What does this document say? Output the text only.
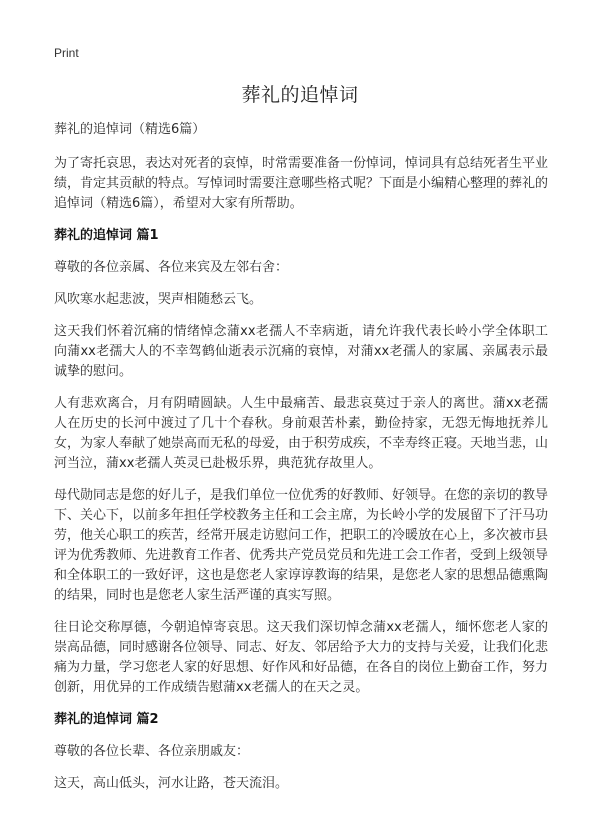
Print
葬礼的追悼词

葬礼的追悼词（精选6篇）

为了寄托哀思，表达对死者的哀悼，时常需要准备一份悼词，悼词具有总结死者生平业绩，肯定其贡献的特点。写悼词时需要注意哪些格式呢？下面是小编精心整理的葬礼的追悼词（精选6篇），希望对大家有所帮助。

葬礼的追悼词 篇1

尊敬的各位亲属、各位来宾及左邻右舍：

风吹寒水起悲波，哭声相随愁云飞。

这天我们怀着沉痛的情绪悼念蒲xx老孺人不幸病逝，请允许我代表长岭小学全体职工向蒲xx老孺大人的不幸驾鹤仙逝表示沉痛的衰悼，对蒲xx老孺人的家属、亲属表示最诚挚的慰问。

人有悲欢离合，月有阴晴圆缺。人生中最痛苦、最悲哀莫过于亲人的离世。蒲xx老孺人在历史的长河中渡过了几十个春秋。身前艰苦朴素，勤俭持家，无怨无悔地抚养儿女，为家人奉献了她崇高而无私的母爱，由于积劳成疾，不幸寿终正寝。天地当悲，山河当泣，蒲xx老孺人英灵已赴极乐界，典范犹存故里人。

母代勋同志是您的好儿子，是我们单位一位优秀的好教师、好领导。在您的亲切的教导下、关心下，以前多年担任学校教务主任和工会主席，为长岭小学的发展留下了汗马功劳，他关心职工的疾苦，经常开展走访慰问工作，把职工的冷暖放在心上，多次被市县评为优秀教师、先进教育工作者、优秀共产党员党员和先进工会工作者，受到上级领导和全体职工的一致好评，这也是您老人家谆谆教诲的结果，是您老人家的思想品德熏陶的结果，同时也是您老人家生活严谨的真实写照。

往日论交称厚德，今朝追悼寄哀思。这天我们深切悼念蒲xx老孺人，缅怀您老人家的崇高品德，同时感谢各位领导、同志、好友、邻居给予大力的支持与关爱，让我们化悲痛为力量，学习您老人家的好思想、好作风和好品德，在各自的岗位上勤奋工作，努力创新，用优异的工作成绩告慰蒲xx老孺人的在天之灵。

葬礼的追悼词 篇2

尊敬的各位长辈、各位亲朋戚友：

这天，高山低头，河水让路，苍天流泪。
